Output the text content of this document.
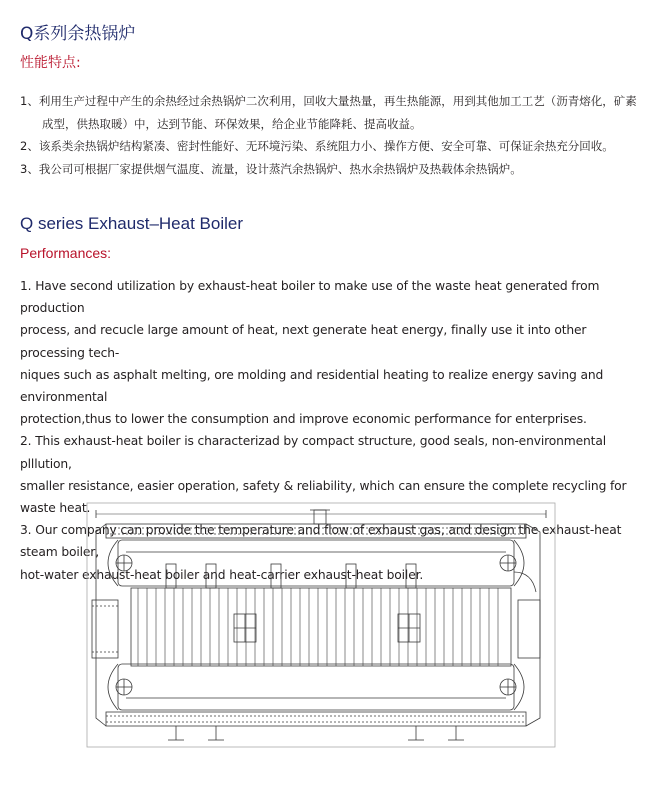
Q系列余热锅炉
性能特点:
1、利用生产过程中产生的余热经过余热锅炉二次利用，回收大量热量，再生热能源，用到其他加工工艺（沥青熔化，矿素成型，供热取暖）中，达到节能、环保效果，给企业节能降耗、提高收益。
2、该系类余热锅炉结构紧凑、密封性能好、无环境污染、系统阻力小、操作方便、安全可靠、可保证余热充分回收。
3、我公司可根据厂家提供烟气温度、流量，设计蒸汽余热锅炉、热水余热锅炉及热载体余热锅炉。
Q series Exhaust–Heat Boiler
Performances:

1. Have second utilization by exhaust-heat boiler to make use of the waste heat generated from production

process, and recucle large amount of heat, next generate heat energy, finally use it into other processing tech-

niques such as asphalt melting, ore molding and residential heating to realize energy saving and environmental

protection,thus to lower the consumption and improve economic performance for enterprises.

2. This exhaust-heat boiler is characterizad by compact structure, good seals, non-environmental plllution,

smaller resistance, easier operation, safety & reliability, which can ensure the complete recycling for waste heat.

3. Our company can provide the temperature and flow of exhaust gas, and design the exhaust-heat steam boiler,

hot-water exhaust-heat boiler and heat-carrier exhaust-heat boiler.
